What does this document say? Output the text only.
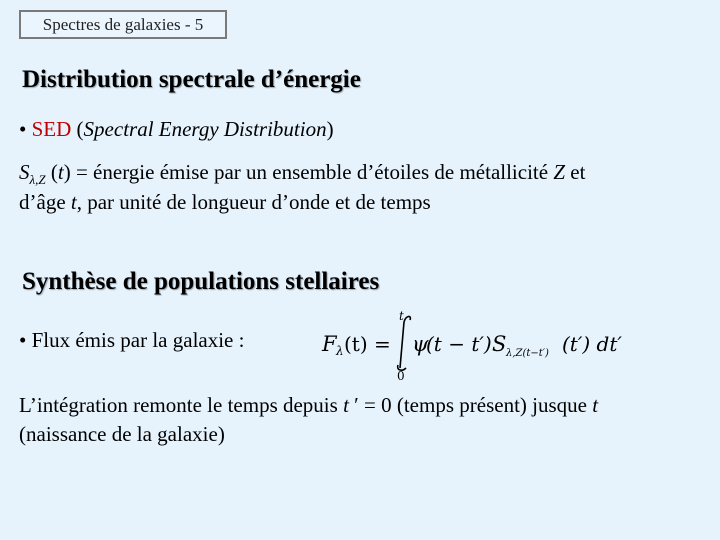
Spectres de galaxies - 5
Distribution spectrale d’énergie
• SED (Spectral Energy Distribution)
$S_{\lambda,Z}$ (t) = énergie émise par un ensemble d’étoiles de métallicité Z et
d’âge t, par unité de longueur d’onde et de temps
Synthèse de populations stellaires
• Flux émis par la galaxie :	F λ (t) =
t
0
ψ
(t − t′) S λ,Z(t−t′) (t′) dt′
L’intégration remonte le temps depuis t ′ = 0 (temps présent) jusque t
(naissance de la galaxie)
